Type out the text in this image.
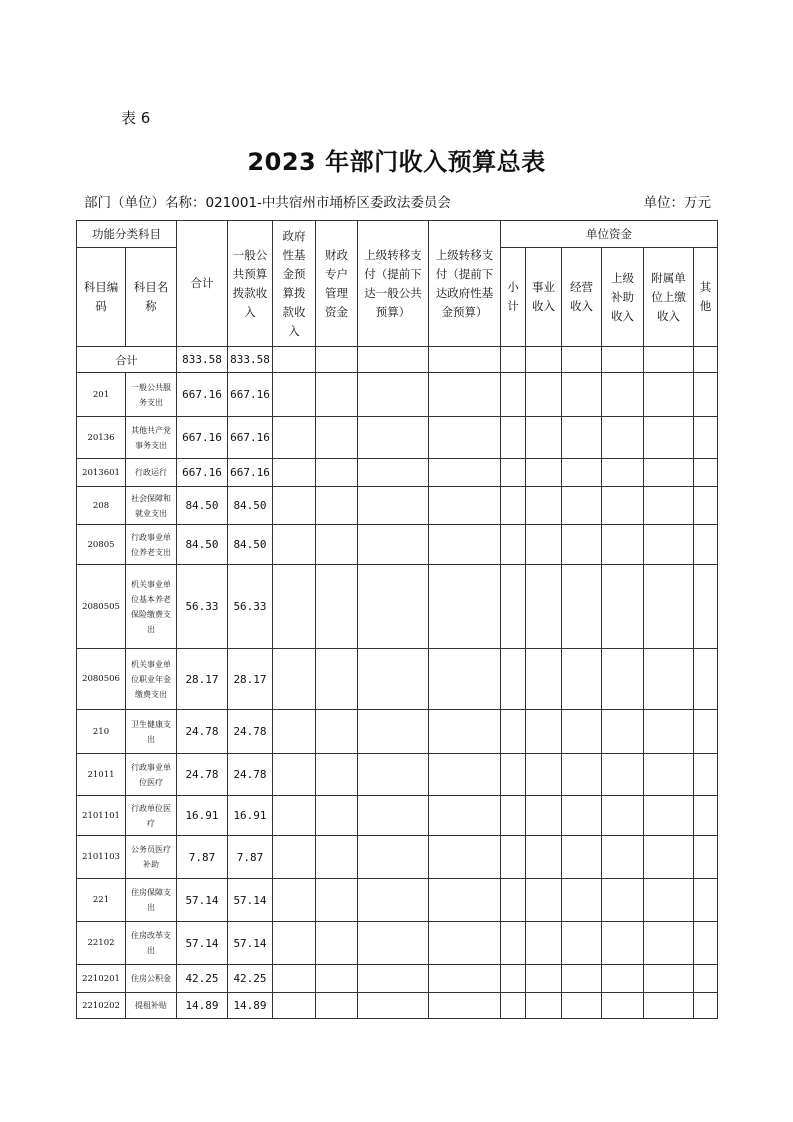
表 6
2023 年部门收入预算总表
部门（单位）名称：021001-中共宿州市埇桥区委政法委员会	单位：万元
功能分类科目		合计	一般公共预算拨款收入	政府性基金预算拨款收入	财政专户管理资金	上级转移支付（提前下达一般公共预算）	上级转移支付（提前下达政府性基金预算）	单位资金					

科目编码	科目名称							小计	事业收入	经营收入	上级补助收入	附属单位上缴收入	其他

合计		833.58	833.58										
201	一般公共服务支出	667.16	667.16										
20136	其他共产党事务支出	667.16	667.16										
2013601	行政运行	667.16	667.16										
208	社会保障和就业支出	84.50	84.50										
20805	行政事业单位养老支出	84.50	84.50										
2080505	机关事业单位基本养老保险缴费支出	56.33	56.33										
2080506	机关事业单位职业年金缴费支出	28.17	28.17										
210	卫生健康支出	24.78	24.78										
21011	行政事业单位医疗	24.78	24.78										
2101101	行政单位医疗	16.91	16.91										
2101103	公务员医疗补助	7.87	7.87										
221	住房保障支出	57.14	57.14										
22102	住房改革支出	57.14	57.14										
2210201	住房公积金	42.25	42.25										
2210202	提租补贴	14.89	14.89										
